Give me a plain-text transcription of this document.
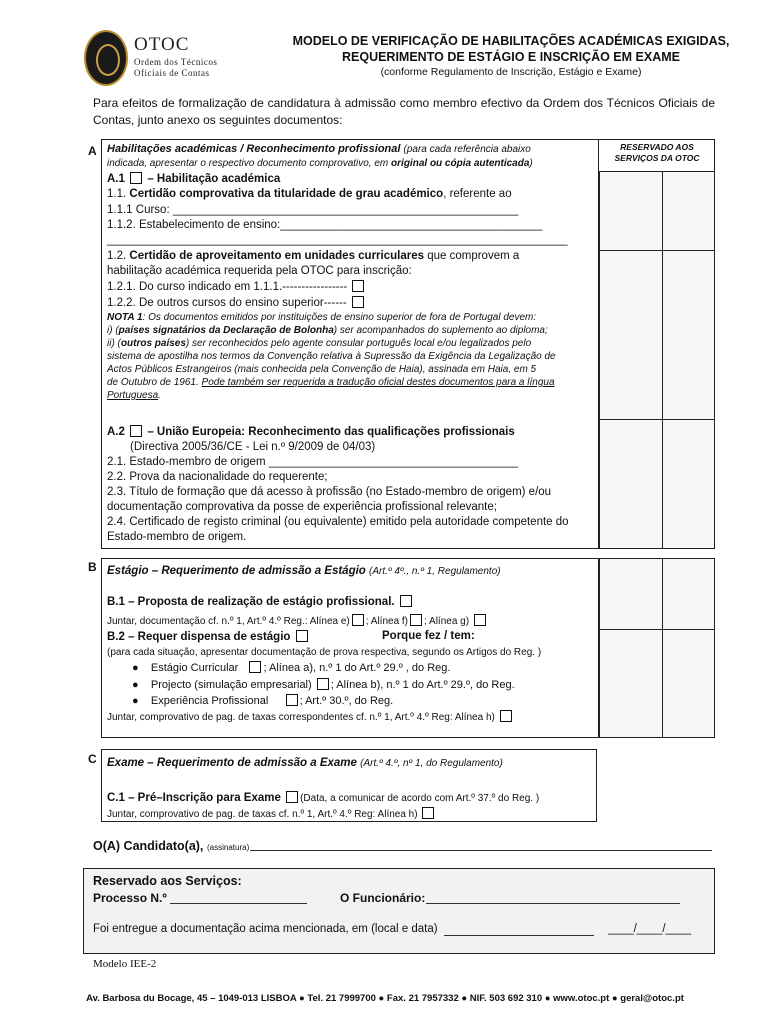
OTOC
Ordem dos Técnicos
Oficiais de Contas
MODELO DE VERIFICAÇÃO DE HABILITAÇÕES ACADÉMICAS EXIGIDAS,
REQUERIMENTO DE ESTÁGIO E INSCRIÇÃO EM EXAME
(conforme Regulamento de Inscrição, Estágio e Exame)
Para efeitos de formalização de candidatura à admissão como membro efectivo da Ordem dos Técnicos Oficiais de Contas, junto anexo os seguintes documentos:
A	RESERVADO AOS SERVIÇOS DA OTOC
Habilitações académicas / Reconhecimento profissional (para cada referência abaixo
indicada, apresentar o respectivo documento comprovativo, em original ou cópia autenticada)
A.1 – Habilitação académica
1.1. Certidão comprovativa da titularidade de grau académico, referente ao
1.1.1 Curso: ______________________________________________________
1.1.2. Estabelecimento de ensino:_________________________________________
________________________________________________________________________
1.2. Certidão de aproveitamento em unidades curriculares que comprovem a
habilitação académica requerida pela OTOC para inscrição:
1.2.1. Do curso indicado em 1.1.1.-----------------
1.2.2. De outros cursos do ensino superior------
NOTA 1: Os documentos emitidos por instituições de ensino superior de fora de Portugal devem:
i) (países signatários da Declaração de Bolonha) ser acompanhados do suplemento ao diploma;
ii) (outros países) ser reconhecidos pelo agente consular português local e/ou legalizados pelo
sistema de apostilha nos termos da Convenção relativa à Supressão da Exigência da Legalização de
Actos Públicos Estrangeiros (mais conhecida pela Convenção de Haia), assinada em Haia, em 5
de Outubro de 1961. Pode também ser requerida a tradução oficial destes documentos para a língua
Portuguesa.
A.2 – União Europeia: Reconhecimento das qualificações profissionais
(Directiva 2005/36/CE - Lei n.º 9/2009 de 04/03)
2.1. Estado-membro de origem _______________________________________
2.2. Prova da nacionalidade do requerente;
2.3. Título de formação que dá acesso à profissão (no Estado-membro de origem) e/ou
documentação comprovativa da posse de experiência profissional relevante;
2.4. Certificado de registo criminal (ou equivalente) emitido pela autoridade competente do
Estado-membro de origem.
B Estágio – Requerimento de admissão a Estágio (Art.º 4º., n.º 1, Regulamento)
B.1 – Proposta de realização de estágio profissional.
Juntar, documentação cf. n.º 1, Art.º 4.º Reg.: Alínea e) ; Alínea f) ; Alínea g)
B.2 – Requer dispensa de estágio	Porque fez / tem:
(para cada situação, apresentar documentação de prova respectiva, segundo os Artigos do Reg. )
● Estágio Curricular ; Alínea a), n.º 1 do Art.º 29.º , do Reg.
● Projecto (simulação empresarial) ; Alínea b), n.º 1 do Art.º 29.º, do Reg.
● Experiência Profissional	; Art.º 30.º, do Reg.
Juntar, comprovativo de pag. de taxas correspondentes cf. n.º 1, Art.º 4.º Reg: Alínea h)
C Exame – Requerimento de admissão a Exame (Art.º 4.º, nº 1, do Regulamento)
C.1 – Pré–Inscrição para Exame (Data, a comunicar de acordo com Art.º 37.º do Reg. )
Juntar, comprovativo de pag. de taxas cf. n.º 1, Art.º 4.º Reg: Alínea h)
O(A) Candidato(a), (assinatura)
Reservado aos Serviços:
Processo N.º	O Funcionário:
Foi entregue a documentação acima mencionada, em (local e data)	____/____/____
Modelo IEE-2
Av. Barbosa du Bocage, 45 – 1049-013 LISBOA ● Tel. 21 7999700 ● Fax. 21 7957332 ● NIF. 503 692 310 ● www.otoc.pt ● geral@otoc.pt
